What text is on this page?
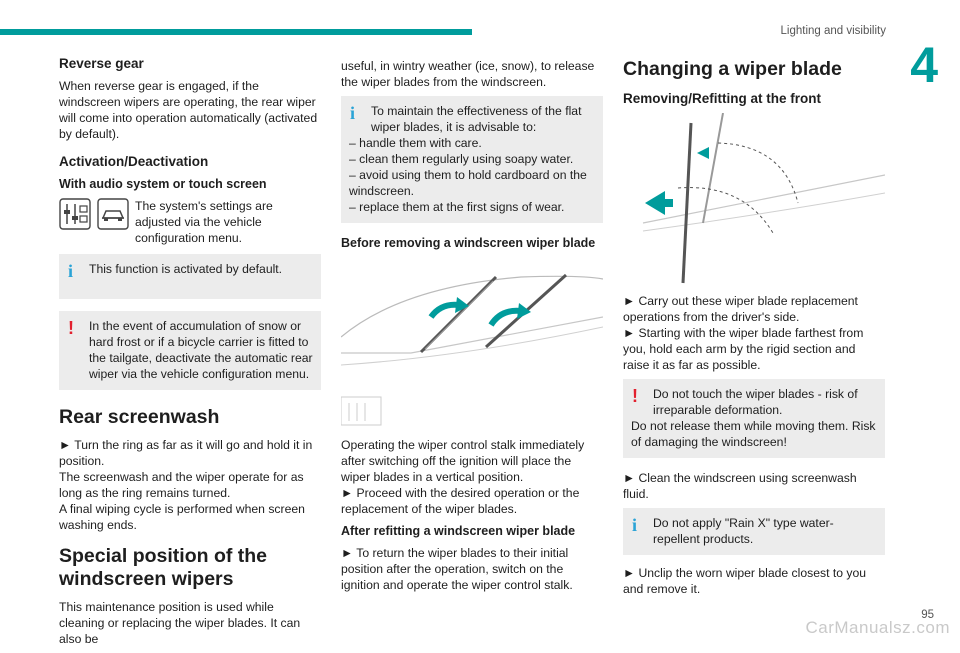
Lighting and visibility
4
Reverse gear

When reverse gear is engaged, if the windscreen wipers are operating, the rear wiper will come into operation automatically (activated by default).

Activation/Deactivation
With audio system or touch screen
The system's settings are adjusted via the vehicle configuration menu.
i This function is activated by default.
! In the event of accumulation of snow or hard frost or if a bicycle carrier is fitted to the tailgate, deactivate the automatic rear wiper via the vehicle configuration menu.
Rear screenwash

► Turn the ring as far as it will go and hold it in position.

The screenwash and the wiper operate for as long as the ring remains turned.

A final wiping cycle is performed when screen washing ends.

Special position of the windscreen wipers

This maintenance position is used while cleaning or replacing the wiper blades. It can also be

useful, in wintry weather (ice, snow), to release the wiper blades from the windscreen.

i To maintain the effectiveness of the flat wiper blades, it is advisable to:
– handle them with care.
– clean them regularly using soapy water.
– avoid using them to hold cardboard on the windscreen.
– replace them at the first signs of wear.
Before removing a windscreen wiper blade

Operating the wiper control stalk immediately after switching off the ignition will place the wiper blades in a vertical position.

► Proceed with the desired operation or the replacement of the wiper blades.

After refitting a windscreen wiper blade

► To return the wiper blades to their initial position after the operation, switch on the ignition and operate the wiper control stalk.

Changing a wiper blade
Removing/Refitting at the front

► Carry out these wiper blade replacement operations from the driver's side.

► Starting with the wiper blade farthest from you, hold each arm by the rigid section and raise it as far as possible.

! Do not touch the wiper blades - risk of irreparable deformation.
Do not release them while moving them. Risk of damaging the windscreen!

► Clean the windscreen using screenwash fluid.

i Do not apply "Rain X" type water-repellent products.

► Unclip the worn wiper blade closest to you and remove it.

95
CarManualsz.com
